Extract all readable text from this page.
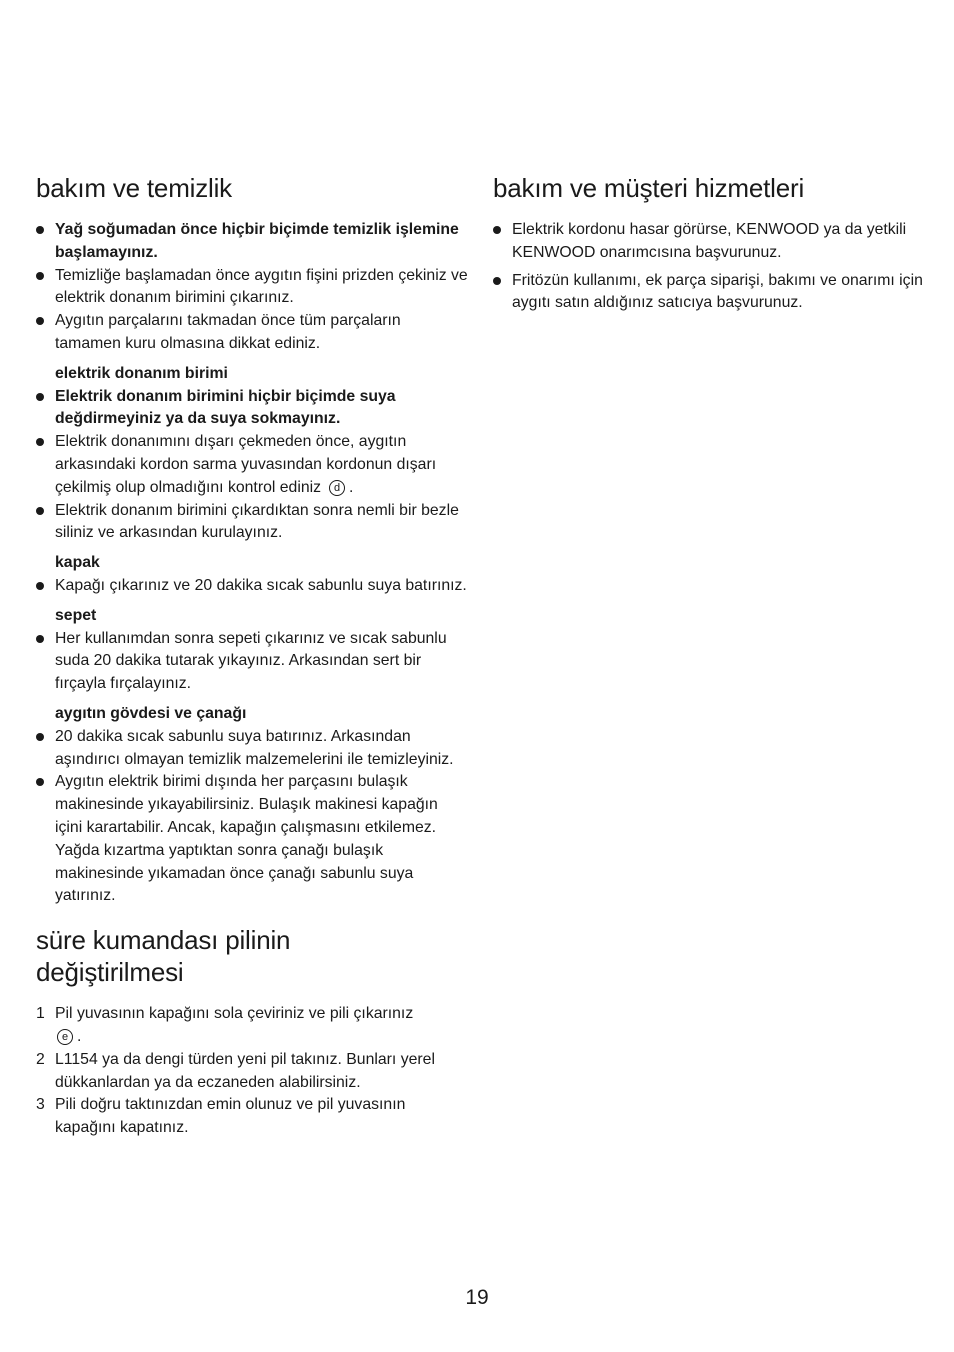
bakım ve temizlik
Yağ soğumadan önce hiçbir biçimde temizlik işlemine başlamayınız.
Temizliğe başlamadan önce aygıtın fişini prizden çekiniz ve elektrik donanım birimini çıkarınız.
Aygıtın parçalarını takmadan önce tüm parçaların tamamen kuru olmasına dikkat ediniz.
elektrik donanım birimi
Elektrik donanım birimini hiçbir biçimde suya değdirmeyiniz ya da suya sokmayınız.
Elektrik donanımını dışarı çekmeden önce, aygıtın arkasındaki kordon sarma yuvasından kordonun dışarı çekilmiş olup olmadığını kontrol ediniz d .
Elektrik donanım birimini çıkardıktan sonra nemli bir bezle siliniz ve arkasından kurulayınız.
kapak
Kapağı çıkarınız ve 20 dakika sıcak sabunlu suya batırınız.
sepet
Her kullanımdan sonra sepeti çıkarınız ve sıcak sabunlu suda 20 dakika tutarak yıkayınız. Arkasından sert bir fırçayla fırçalayınız.
aygıtın gövdesi ve çanağı
20 dakika sıcak sabunlu suya batırınız. Arkasından aşındırıcı olmayan temizlik malzemelerini ile temizleyiniz.
Aygıtın elektrik birimi dışında her parçasını bulaşık makinesinde yıkayabilirsiniz. Bulaşık makinesi kapağın içini karartabilir. Ancak, kapağın çalışmasını etkilemez. Yağda kızartma yaptıktan sonra çanağı bulaşık makinesinde yıkamadan önce çanağı sabunlu suya yatırınız.
süre kumandası pilinin
değiştirilmesi
1 Pil yuvasının kapağını sola çeviriniz ve pili çıkarınız
e .
2 L1154 ya da dengi türden yeni pil takınız. Bunları yerel dükkanlardan ya da eczaneden alabilirsiniz.
3 Pili doğru taktınızdan emin olunuz ve pil yuvasının kapağını kapatınız.
bakım ve müşteri hizmetleri
Elektrik kordonu hasar görürse, KENWOOD ya da yetkili KENWOOD onarımcısına başvurunuz.
Fritözün kullanımı, ek parça siparişi, bakımı ve onarımı için aygıtı satın aldığınız satıcıya başvurunuz.
19
